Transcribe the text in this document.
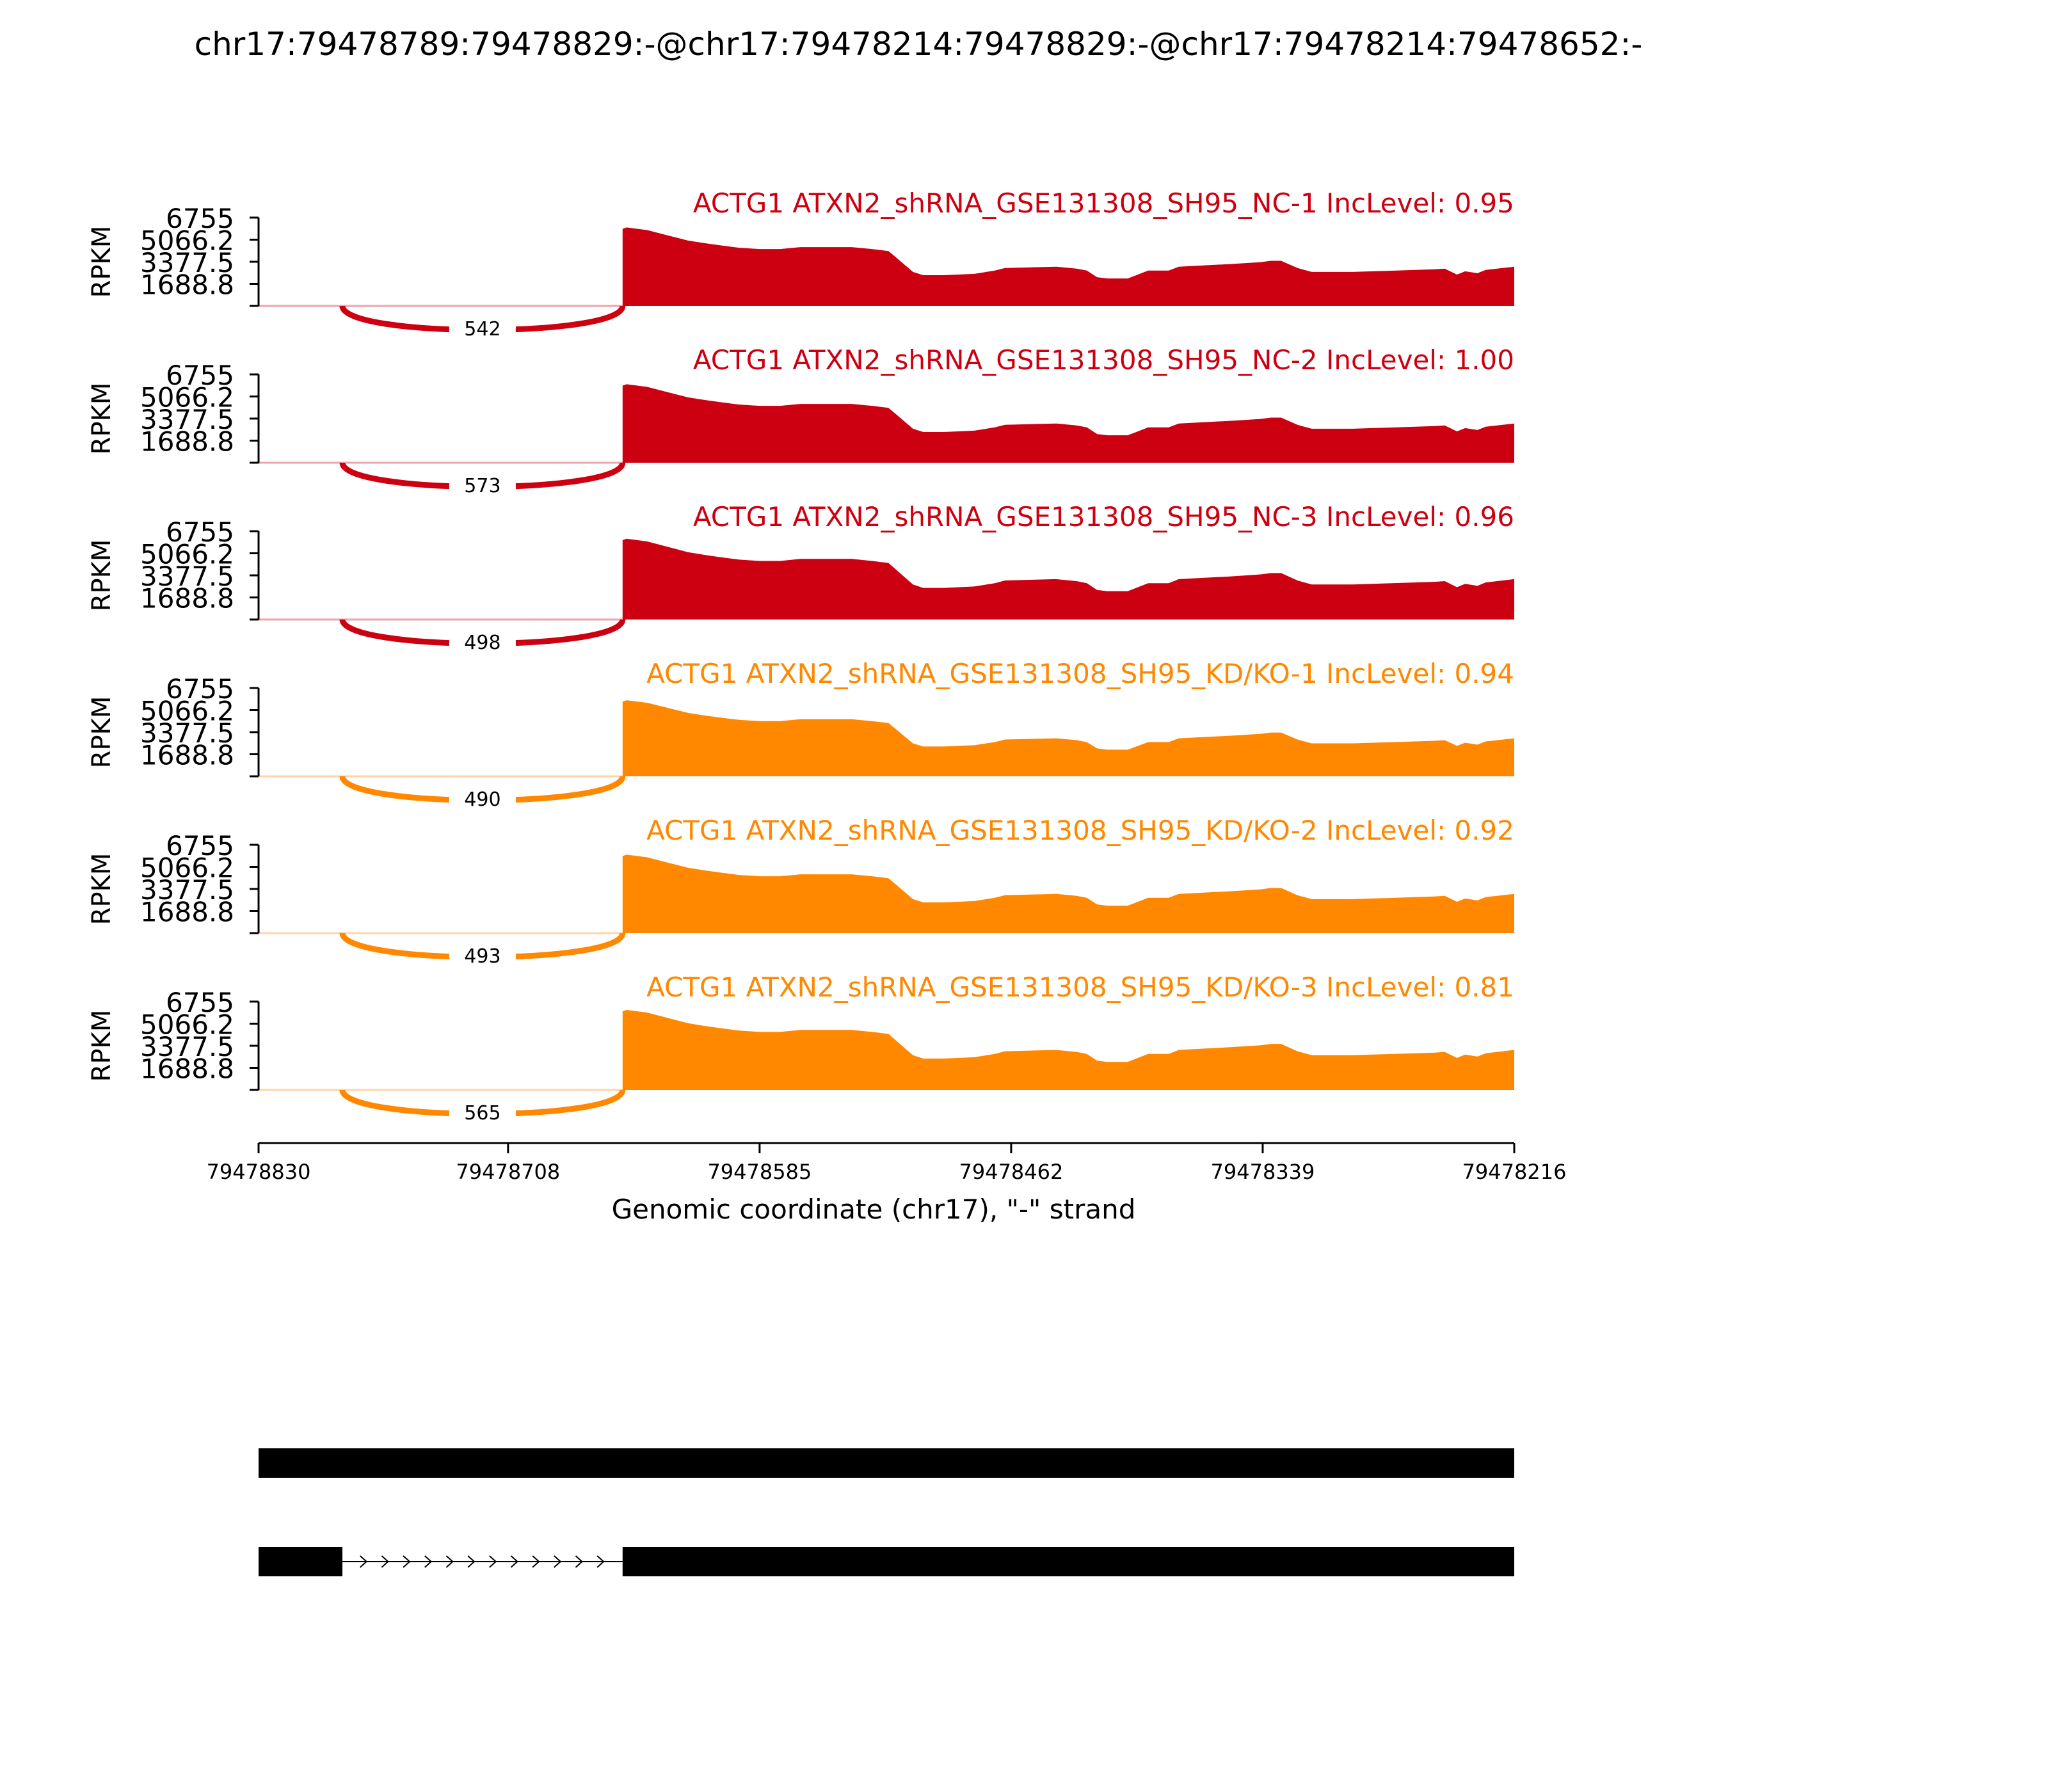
chr17:79478789:79478829:-@chr17:79478214:79478829:-@chr17:79478214:79478652:-
1688.8
3377.5
5066.2
6755
RPKM
ACTG1 ATXN2_shRNA_GSE131308_SH95_NC-1 IncLevel: 0.95
542
1688.8
3377.5
5066.2
6755
RPKM
ACTG1 ATXN2_shRNA_GSE131308_SH95_NC-2 IncLevel: 1.00
573
1688.8
3377.5
5066.2
6755
RPKM
ACTG1 ATXN2_shRNA_GSE131308_SH95_NC-3 IncLevel: 0.96
498
1688.8
3377.5
5066.2
6755
RPKM
ACTG1 ATXN2_shRNA_GSE131308_SH95_KD/KO-1 IncLevel: 0.94
490
1688.8
3377.5
5066.2
6755
RPKM
ACTG1 ATXN2_shRNA_GSE131308_SH95_KD/KO-2 IncLevel: 0.92
493
1688.8
3377.5
5066.2
6755
RPKM
ACTG1 ATXN2_shRNA_GSE131308_SH95_KD/KO-3 IncLevel: 0.81
565
79478830	79478708	79478585	79478462	79478339	79478216
Genomic coordinate (chr17), "-" strand
